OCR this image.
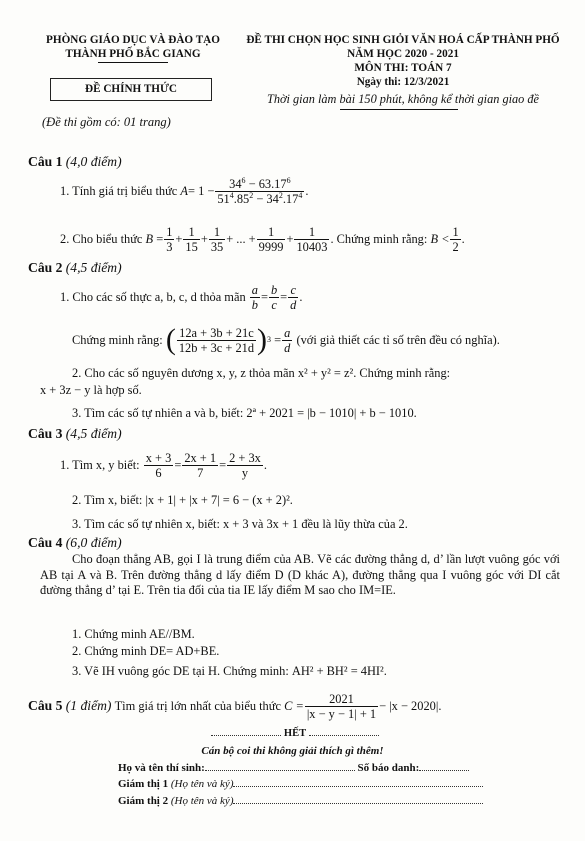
PHÒNG GIÁO DỤC VÀ ĐÀO TẠO
THÀNH PHỐ BẮC GIANG
ĐỀ CHÍNH THỨC
(Đề thi gồm có: 01 trang)
ĐỀ THI CHỌN HỌC SINH GIỎI VĂN HOÁ CẤP THÀNH PHỐ
NĂM HỌC 2020 - 2021
MÔN THI: TOÁN 7
Ngày thi: 12/3/2021
Thời gian làm bài 150 phút, không kể thời gian giao đề
Câu 1 (4,0 điểm)
1. Tính giá trị biểu thức
$A = 1 - \frac{34^6 - 63.17^6}{51^4.85^2 - 34^2.17^4}$ .
2. Cho biểu thức
$B = \frac{1}{3} + \frac{1}{15} + \frac{1}{35}$ + ... + $\frac{1}{9999} + \frac{1}{10403}$ . Chứng minh rằng:
$B < \frac{1}{2}$ .
Câu 2 (4,5 điểm)
1. Cho các số thực a, b, c, d thỏa mãn
$\frac{a}{b} = \frac{b}{c} = \frac{c}{d}$ .
Chứng minh rằng:
( $\frac{12a + 3b + 21c}{12b + 3c + 21d}$ ) $3 = \frac{a}{d}$
(với giả thiết các tỉ số trên đều có nghĩa).
2. Cho các số nguyên dương x, y, z thỏa mãn x² + y² = z². Chứng minh rằng:
x + 3z − y là hợp số.
3. Tìm các số tự nhiên a và b, biết: 2ª + 2021 = |b − 1010| + b − 1010.
Câu 3 (4,5 điểm)
1. Tìm x, y biết:
$\frac{x + 3}{6} = \frac{2x + 1}{7} = \frac{2 + 3x}{y}$ .
2. Tìm x, biết: |x + 1| + |x + 7| = 6 − (x + 2)².
3. Tìm các số tự nhiên x, biết: x + 3 và 3x + 1 đều là lũy thừa của 2.
Câu 4 (6,0 điểm)

Cho đoạn thẳng AB, gọi I là trung điểm của AB. Vẽ các đường thẳng d, d’ lần lượt vuông góc với AB tại A và B. Trên đường thẳng d lấy điểm D (D khác A), đường thẳng qua I vuông góc với DI cắt đường thẳng d’ tại E. Trên tia đối của tia IE lấy điểm M sao cho IM=IE.

1. Chứng minh AE//BM.
2. Chứng minh DE= AD+BE.
3. Vẽ IH vuông góc DE tại H. Chứng minh: AH² + BH² = 4HI².
Câu 5 (1 điểm)
Tìm giá trị lớn nhất của biểu thức
$C = \frac{2021}{|x - y - 1| + 1} - |x - 2020|$.
HẾT
Cán bộ coi thi không giải thích gì thêm!
Họ và tên thí sinh:	Số báo danh:
Giám thị 1 (Họ tên và ký)
Giám thị 2 (Họ tên và ký)
